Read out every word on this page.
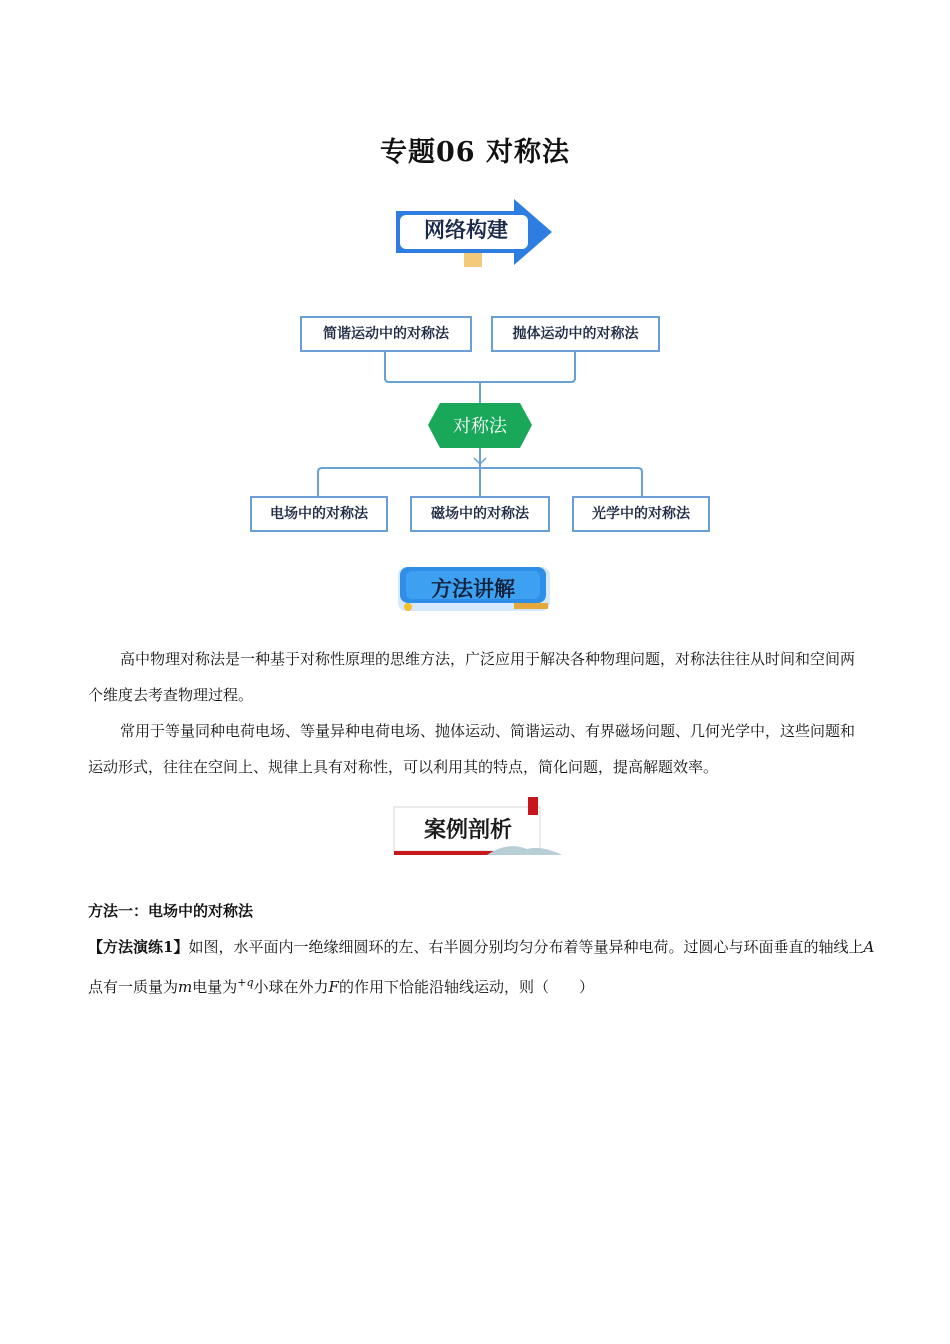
专题06 对称法
网络构建
简谐运动中的对称法	抛体运动中的对称法
对称法
电场中的对称法	磁场中的对称法	光学中的对称法
方法讲解
高中物理对称法是一种基于对称性原理的思维方法，广泛应用于解决各种物理问题，对称法往往从时间和空间两个维度去考查物理过程。
常用于等量同种电荷电场、等量异种电荷电场、抛体运动、简谐运动、有界磁场问题、几何光学中，这些问题和运动形式，往往在空间上、规律上具有对称性，可以利用其的特点，简化问题，提高解题效率。
案例剖析
方法一：电场中的对称法
【方法演练1】如图，水平面内一绝缘细圆环的左、右半圆分别均匀分布着等量异种电荷。过圆心与环面垂直的轴线上A点有一质量为m电量为$^{+q}$小球在外力F的作用下恰能沿轴线运动，则（　　）
